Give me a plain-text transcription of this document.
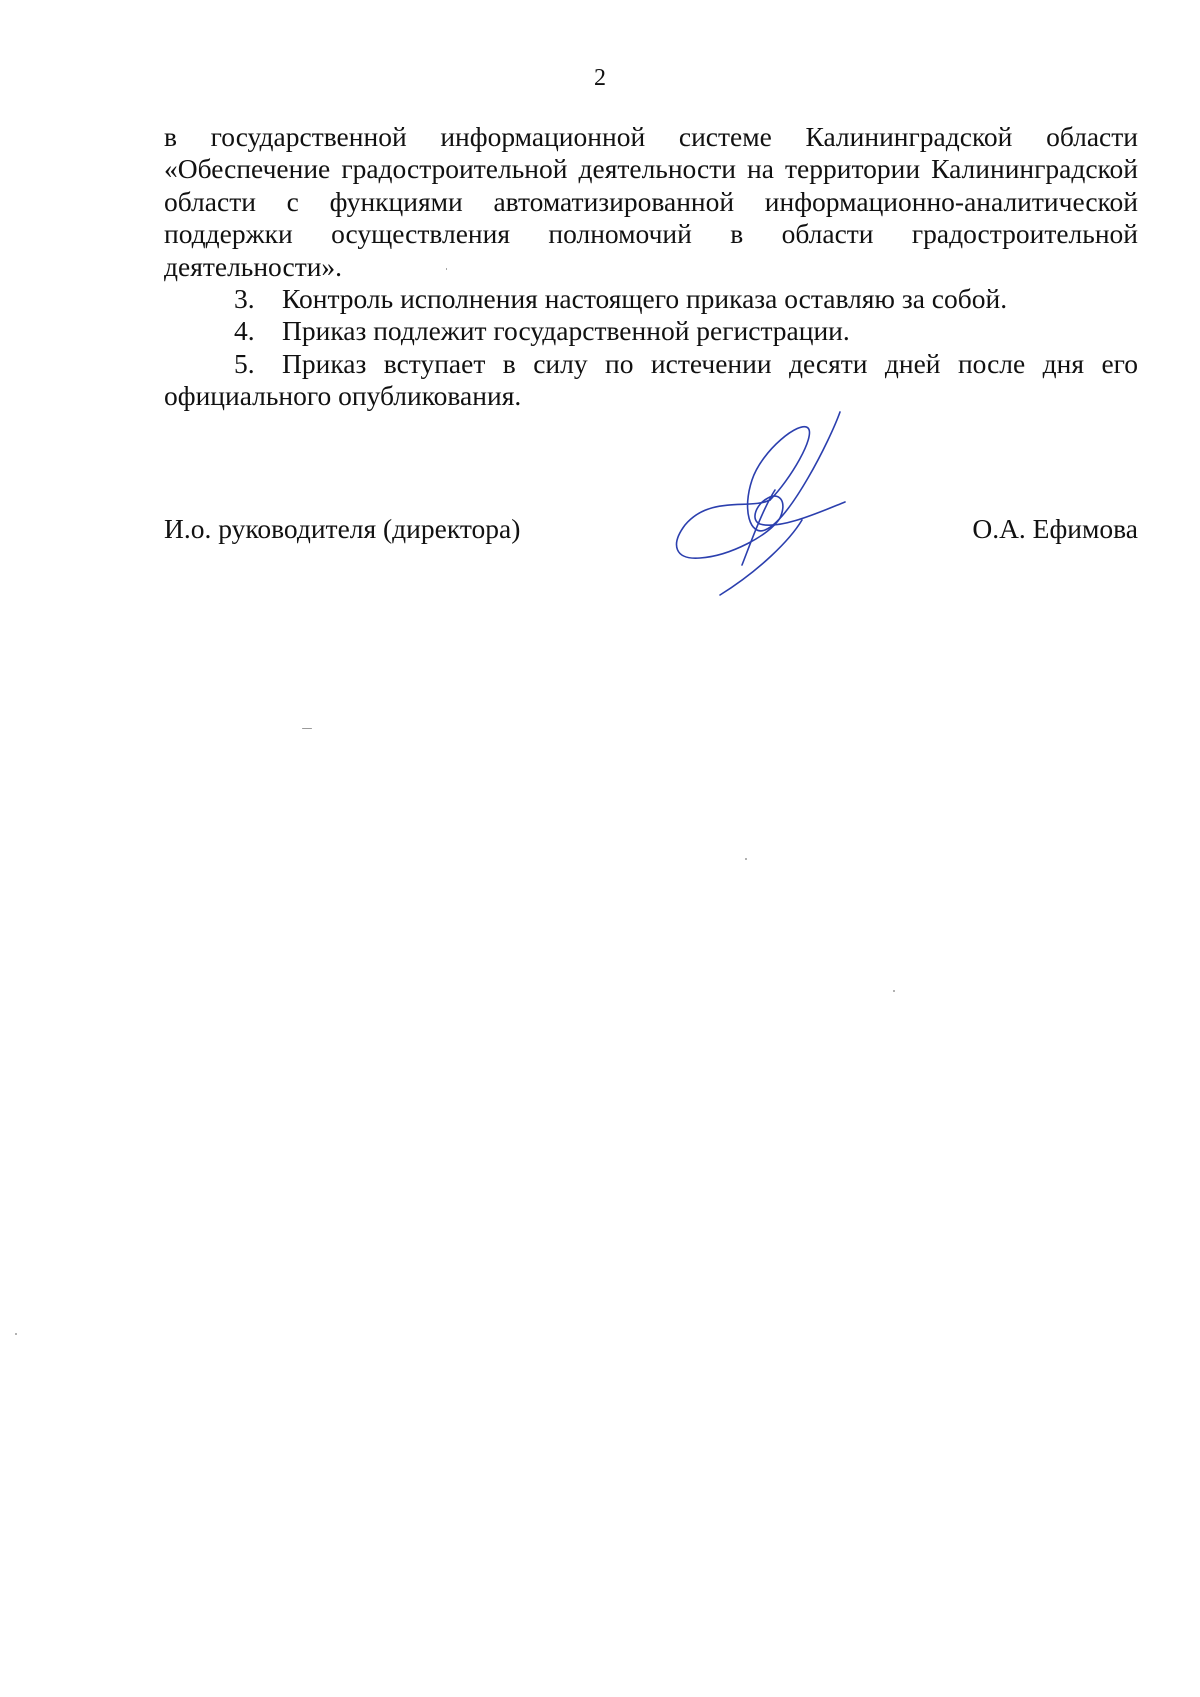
2

в государственной информационной системе Калининградской области «Обеспечение градостроительной деятельности на территории Калининградской области с функциями автоматизированной информационно-аналитической поддержки осуществления полномочий в области градостроительной деятельности».

3. Контроль исполнения настоящего приказа оставляю за собой.

4. Приказ подлежит государственной регистрации.

5. Приказ вступает в силу по истечении десяти дней после дня его официального опубликования.

И.о. руководителя (директора)	О.А. Ефимова
